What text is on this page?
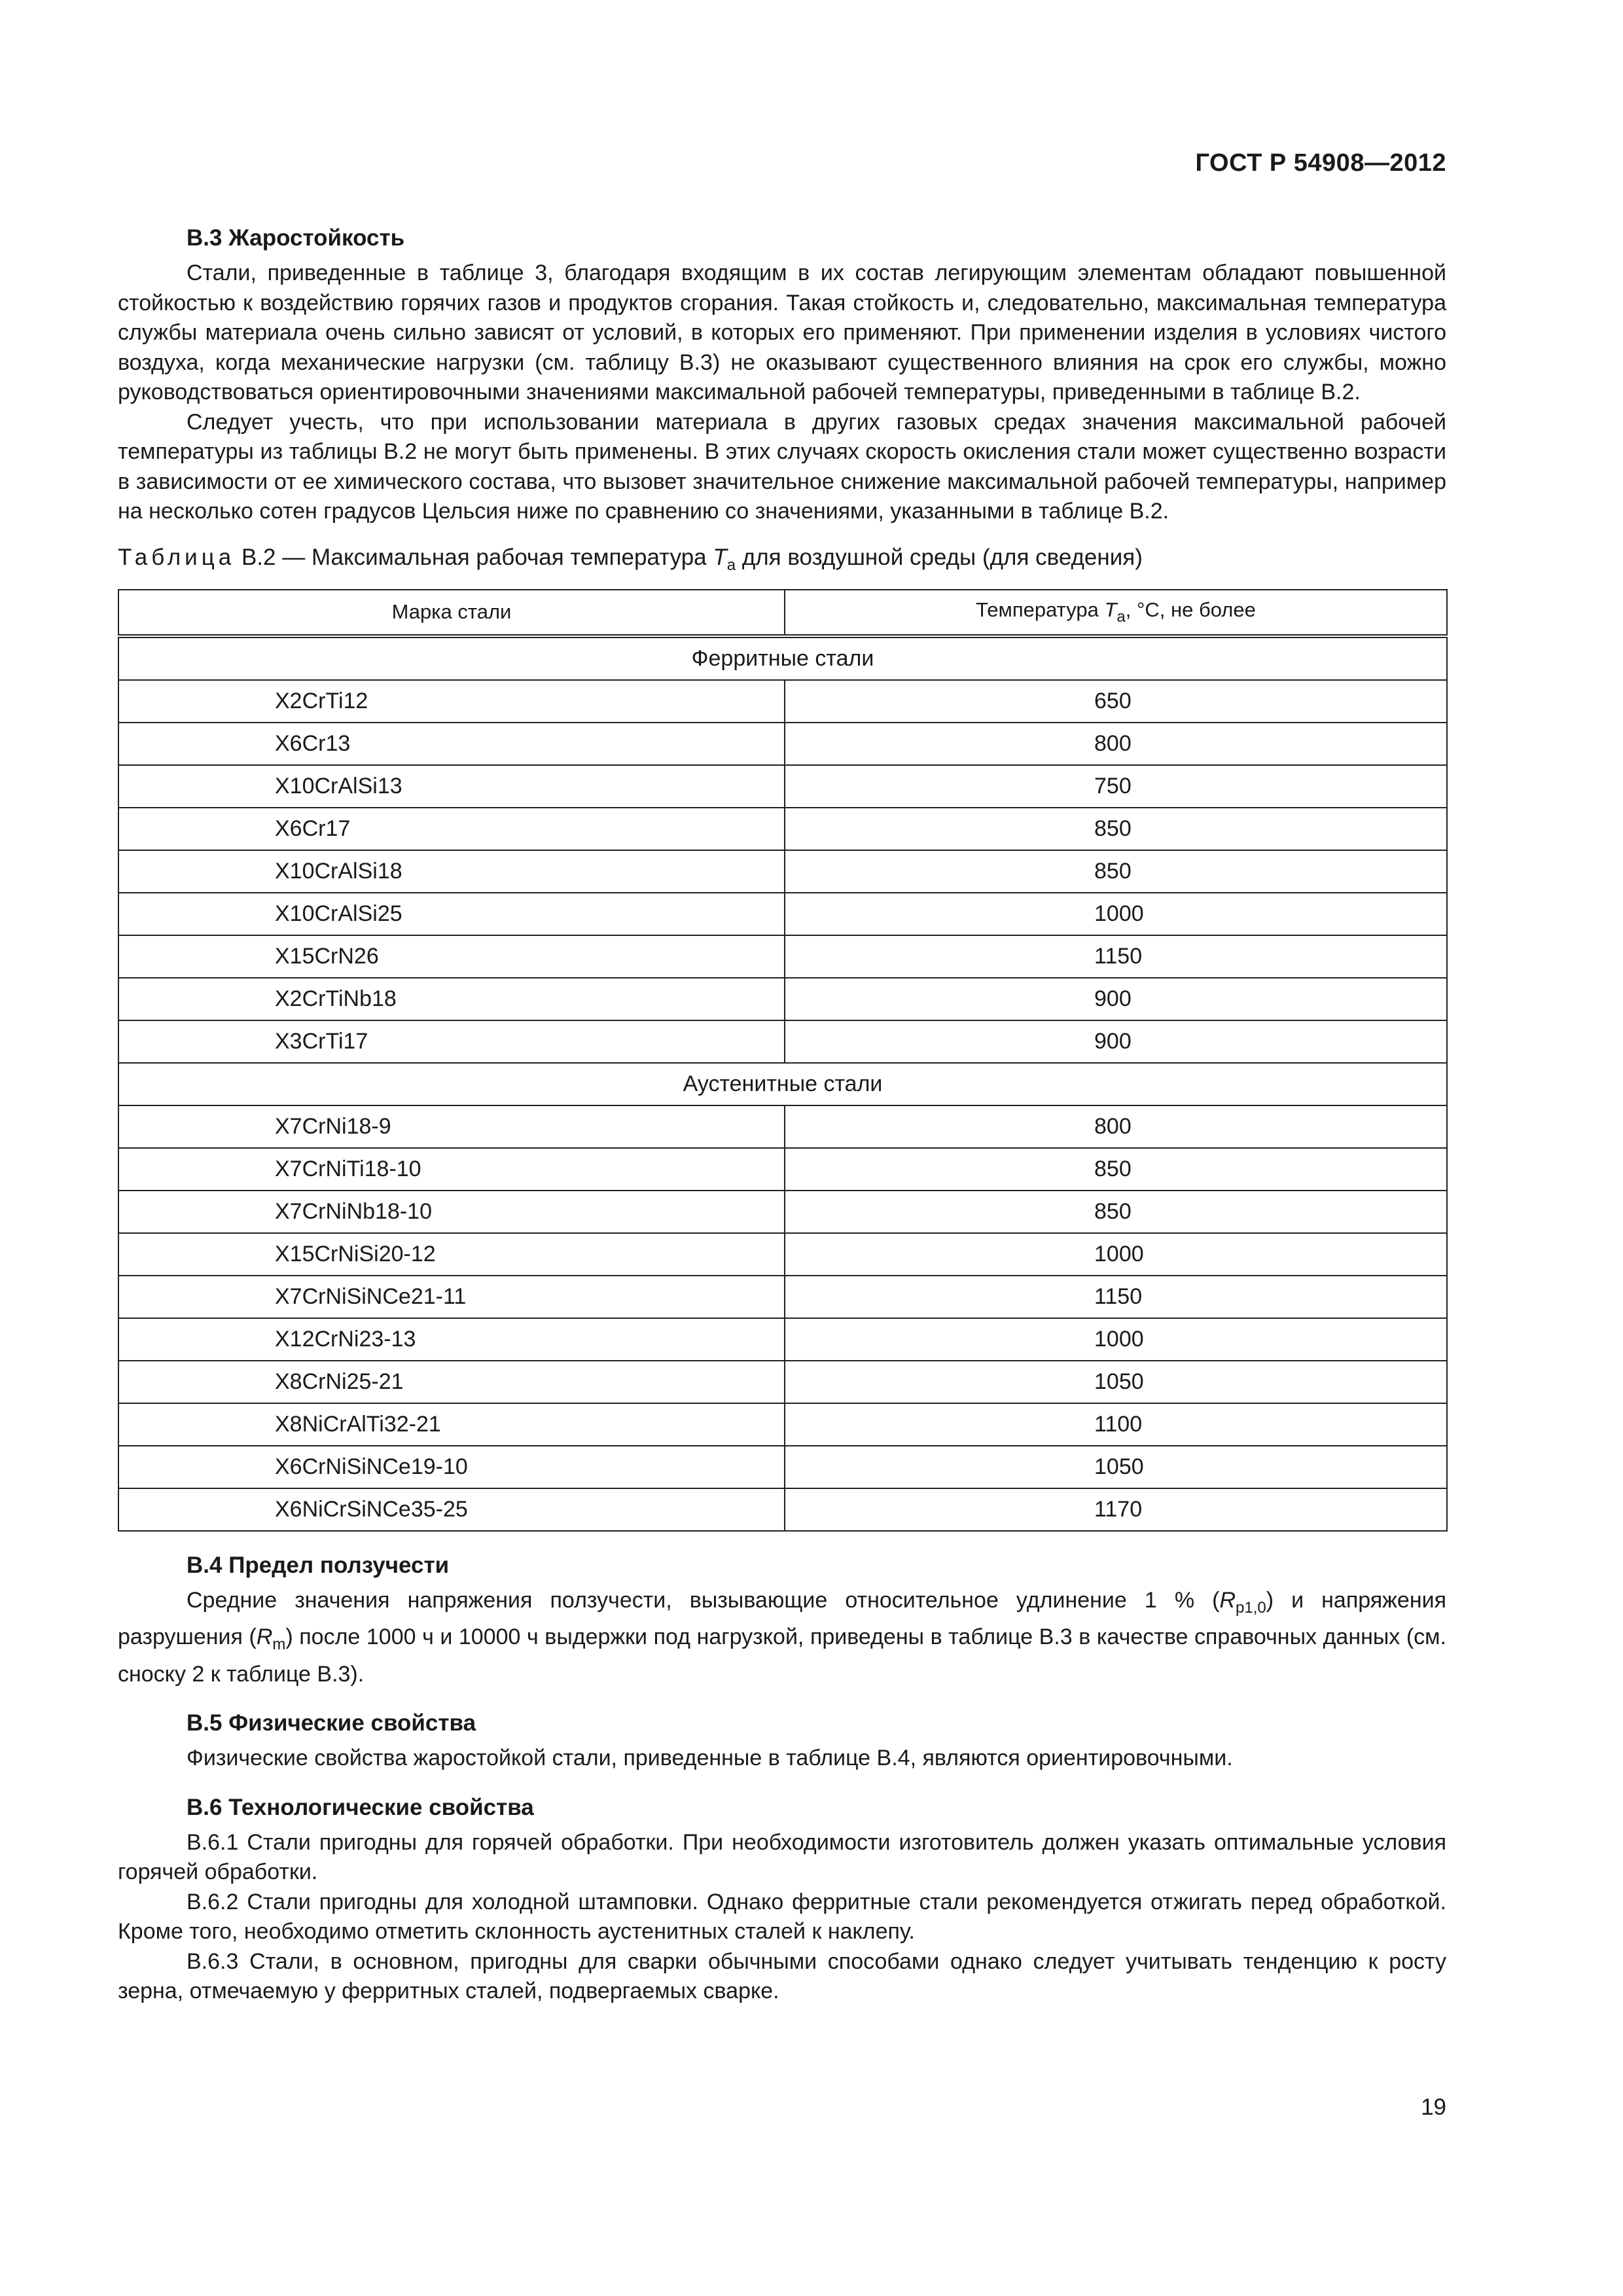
ГОСТ Р 54908—2012
В.3 Жаростойкость

Стали, приведенные в таблице 3, благодаря входящим в их состав легирующим элементам обладают повышенной стойкостью к воздействию горячих газов и продуктов сгорания. Такая стойкость и, следовательно, максимальная температура службы материала очень сильно зависят от условий, в которых его применяют. При применении изделия в условиях чистого воздуха, когда механические нагрузки (см. таблицу В.3) не оказывают существенного влияния на срок его службы, можно руководствоваться ориентировочными значениями максимальной рабочей температуры, приведенными в таблице В.2.

Следует учесть, что при использовании материала в других газовых средах значения максимальной рабочей температуры из таблицы В.2 не могут быть применены. В этих случаях скорость окисления стали может существенно возрасти в зависимости от ее химического состава, что вызовет значительное снижение максимальной рабочей температуры, например на несколько сотен градусов Цельсия ниже по сравнению со значениями, указанными в таблице В.2.

Таблица В.2 — Максимальная рабочая температура $T_a$ для воздушной среды (для сведения)
Марка стали	Температура $T_a$, °С, не более
Ферритные стали	
X2CrTi12	650
X6Cr13	800
X10CrAlSi13	750
X6Cr17	850
X10CrAlSi18	850
X10CrAlSi25	1000
X15CrN26	1150
X2CrTiNb18	900
X3CrTi17	900
Аустенитные стали	
X7CrNi18-9	800
X7CrNiTi18-10	850
X7CrNiNb18-10	850
X15CrNiSi20-12	1000
X7CrNiSiNCe21-11	1150
X12CrNi23-13	1000
X8CrNi25-21	1050
X8NiCrAlTi32-21	1100
X6CrNiSiNCe19-10	1050
X6NiCrSiNCe35-25	1170
В.4 Предел ползучести

Средние значения напряжения ползучести, вызывающие относительное удлинение 1 % $(R_{p1,0})$ и напряжения разрушения $(R_m)$ после 1000 ч и 10000 ч выдержки под нагрузкой, приведены в таблице В.3 в качестве справочных данных (см. сноску 2 к таблице В.3).

В.5 Физические свойства

Физические свойства жаростойкой стали, приведенные в таблице В.4, являются ориентировочными.

В.6 Технологические свойства

В.6.1 Стали пригодны для горячей обработки. При необходимости изготовитель должен указать оптимальные условия горячей обработки.

В.6.2 Стали пригодны для холодной штамповки. Однако ферритные стали рекомендуется отжигать перед обработкой. Кроме того, необходимо отметить склонность аустенитных сталей к наклепу.

В.6.3 Стали, в основном, пригодны для сварки обычными способами однако следует учитывать тенденцию к росту зерна, отмечаемую у ферритных сталей, подвергаемых сварке.

19
